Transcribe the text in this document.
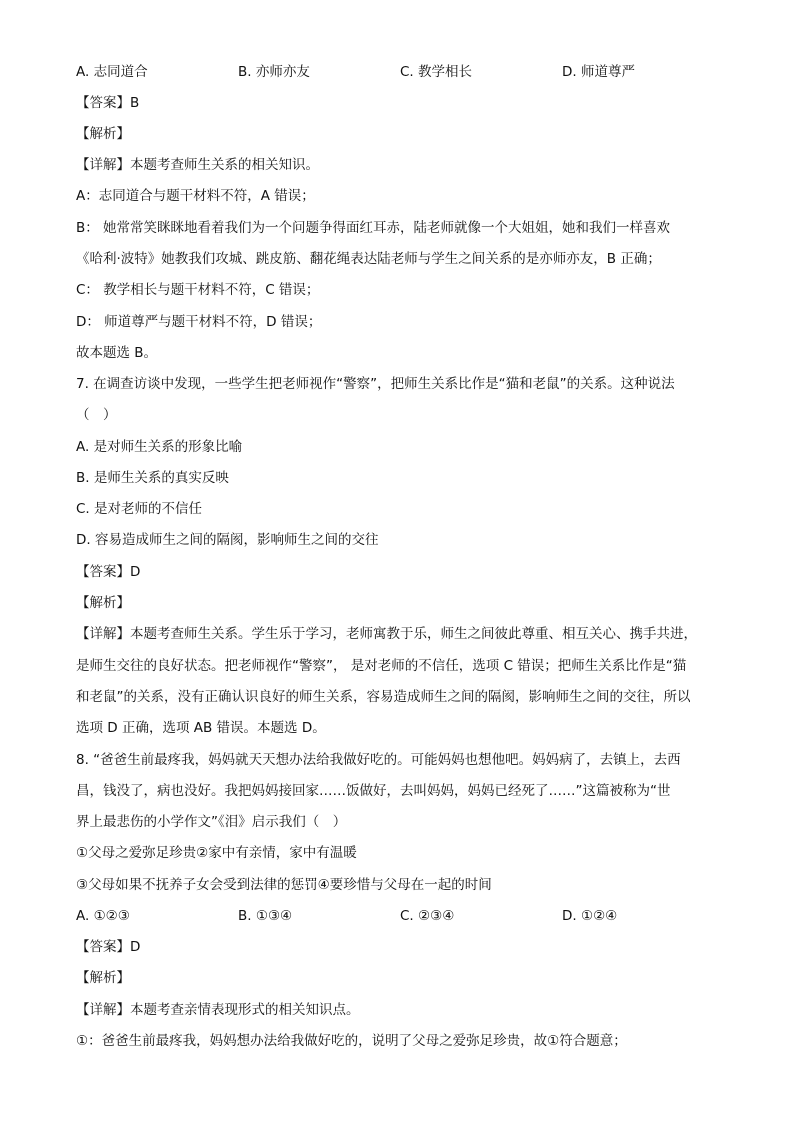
A. 志同道合	B. 亦师亦友	C. 教学相长	D. 师道尊严
【答案】B
【解析】
【详解】本题考查师生关系的相关知识。
A：志同道合与题干材料不符，A 错误；
B： 她常常笑眯眯地看着我们为一个问题争得面红耳赤，陆老师就像一个大姐姐，她和我们一样喜欢
《哈利·波特》她教我们攻城、跳皮筋、翻花绳表达陆老师与学生之间关系的是亦师亦友，B 正确；
C： 教学相长与题干材料不符，C 错误；
D： 师道尊严与题干材料不符，D 错误；
故本题选 B。
7. 在调查访谈中发现，一些学生把老师视作“警察”，把师生关系比作是“猫和老鼠”的关系。这种说法
（　）
A. 是对师生关系的形象比喻
B. 是师生关系的真实反映
C. 是对老师的不信任
D. 容易造成师生之间的隔阂，影响师生之间的交往
【答案】D
【解析】
【详解】本题考查师生关系。学生乐于学习，老师寓教于乐，师生之间彼此尊重、相互关心、携手共进，
是师生交往的良好状态。把老师视作“警察”， 是对老师的不信任，选项 C 错误；把师生关系比作是“猫
和老鼠”的关系，没有正确认识良好的师生关系，容易造成师生之间的隔阂，影响师生之间的交往，所以
选项 D 正确，选项 AB 错误。本题选 D。
8. “爸爸生前最疼我，妈妈就天天想办法给我做好吃的。可能妈妈也想他吧。妈妈病了，去镇上，去西
昌，钱没了，病也没好。我把妈妈接回家……饭做好，去叫妈妈，妈妈已经死了……”这篇被称为“世
界上最悲伤的小学作文”《泪》启示我们（　）
①父母之爱弥足珍贵②家中有亲情，家中有温暖
③父母如果不抚养子女会受到法律的惩罚④要珍惜与父母在一起的时间
A. ①②③	B. ①③④	C. ②③④	D. ①②④
【答案】D
【解析】
【详解】本题考查亲情表现形式的相关知识点。
①：爸爸生前最疼我，妈妈想办法给我做好吃的，说明了父母之爱弥足珍贵，故①符合题意；
